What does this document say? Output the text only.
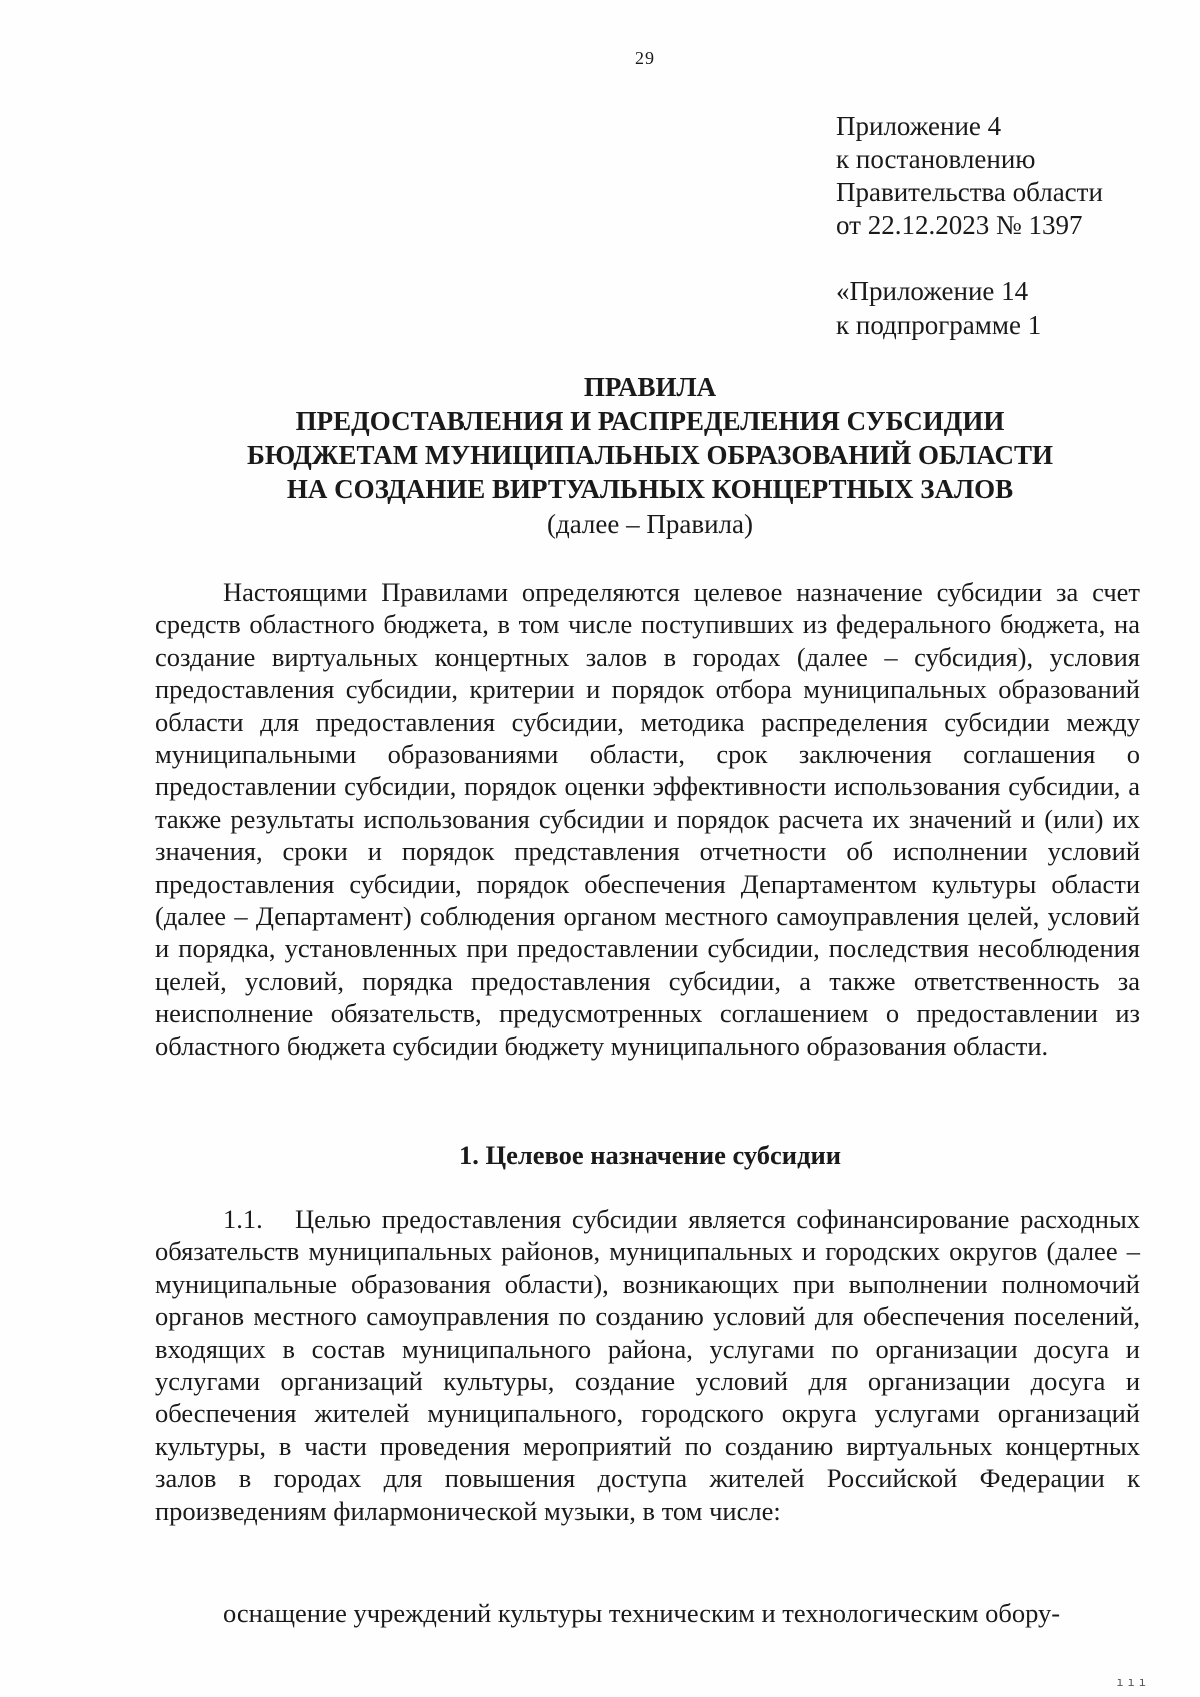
29
Приложение 4
к постановлению
Правительства области
от 22.12.2023 № 1397
«Приложение 14
к подпрограмме 1
ПРАВИЛА
ПРЕДОСТАВЛЕНИЯ И РАСПРЕДЕЛЕНИЯ СУБСИДИИ
БЮДЖЕТАМ МУНИЦИПАЛЬНЫХ ОБРАЗОВАНИЙ ОБЛАСТИ
НА СОЗДАНИЕ ВИРТУАЛЬНЫХ КОНЦЕРТНЫХ ЗАЛОВ
(далее – Правила)

Настоящими Правилами определяются целевое назначение субсидии за счет средств областного бюджета, в том числе поступивших из федерального бюджета, на создание виртуальных концертных залов в городах (далее – субсидия), условия предоставления субсидии, критерии и порядок отбора муниципальных образований области для предоставления субсидии, методика распределения субсидии между муниципальными образованиями области, срок заключения соглашения о предоставлении субсидии, порядок оценки эффективности использования субсидии, а также результаты использования субсидии и порядок расчета их значений и (или) их значения, сроки и порядок представления отчетности об исполнении условий предоставления субсидии, порядок обеспечения Департаментом культуры области (далее – Департамент) соблюдения органом местного самоуправления целей, условий и порядка, установленных при предоставлении субсидии, последствия несоблюдения целей, условий, порядка предоставления субсидии, а также ответственность за неисполнение обязательств, предусмотренных соглашением о предоставлении из областного бюджета субсидии бюджету муниципального образования области.

1. Целевое назначение субсидии

1.1. Целью предоставления субсидии является софинансирование расходных обязательств муниципальных районов, муниципальных и городских округов (далее – муниципальные образования области), возникающих при выполнении полномочий органов местного самоуправления по созданию условий для обеспечения поселений, входящих в состав муниципального района, услугами по организации досуга и услугами организаций культуры, создание условий для организации досуга и обеспечения жителей муниципального, городского округа услугами организаций культуры, в части проведения мероприятий по созданию виртуальных концертных залов в городах для повышения доступа жителей Российской Федерации к произведениям филармонической музыки, в том числе:

оснащение учреждений культуры техническим и технологическим обору-

ııı
